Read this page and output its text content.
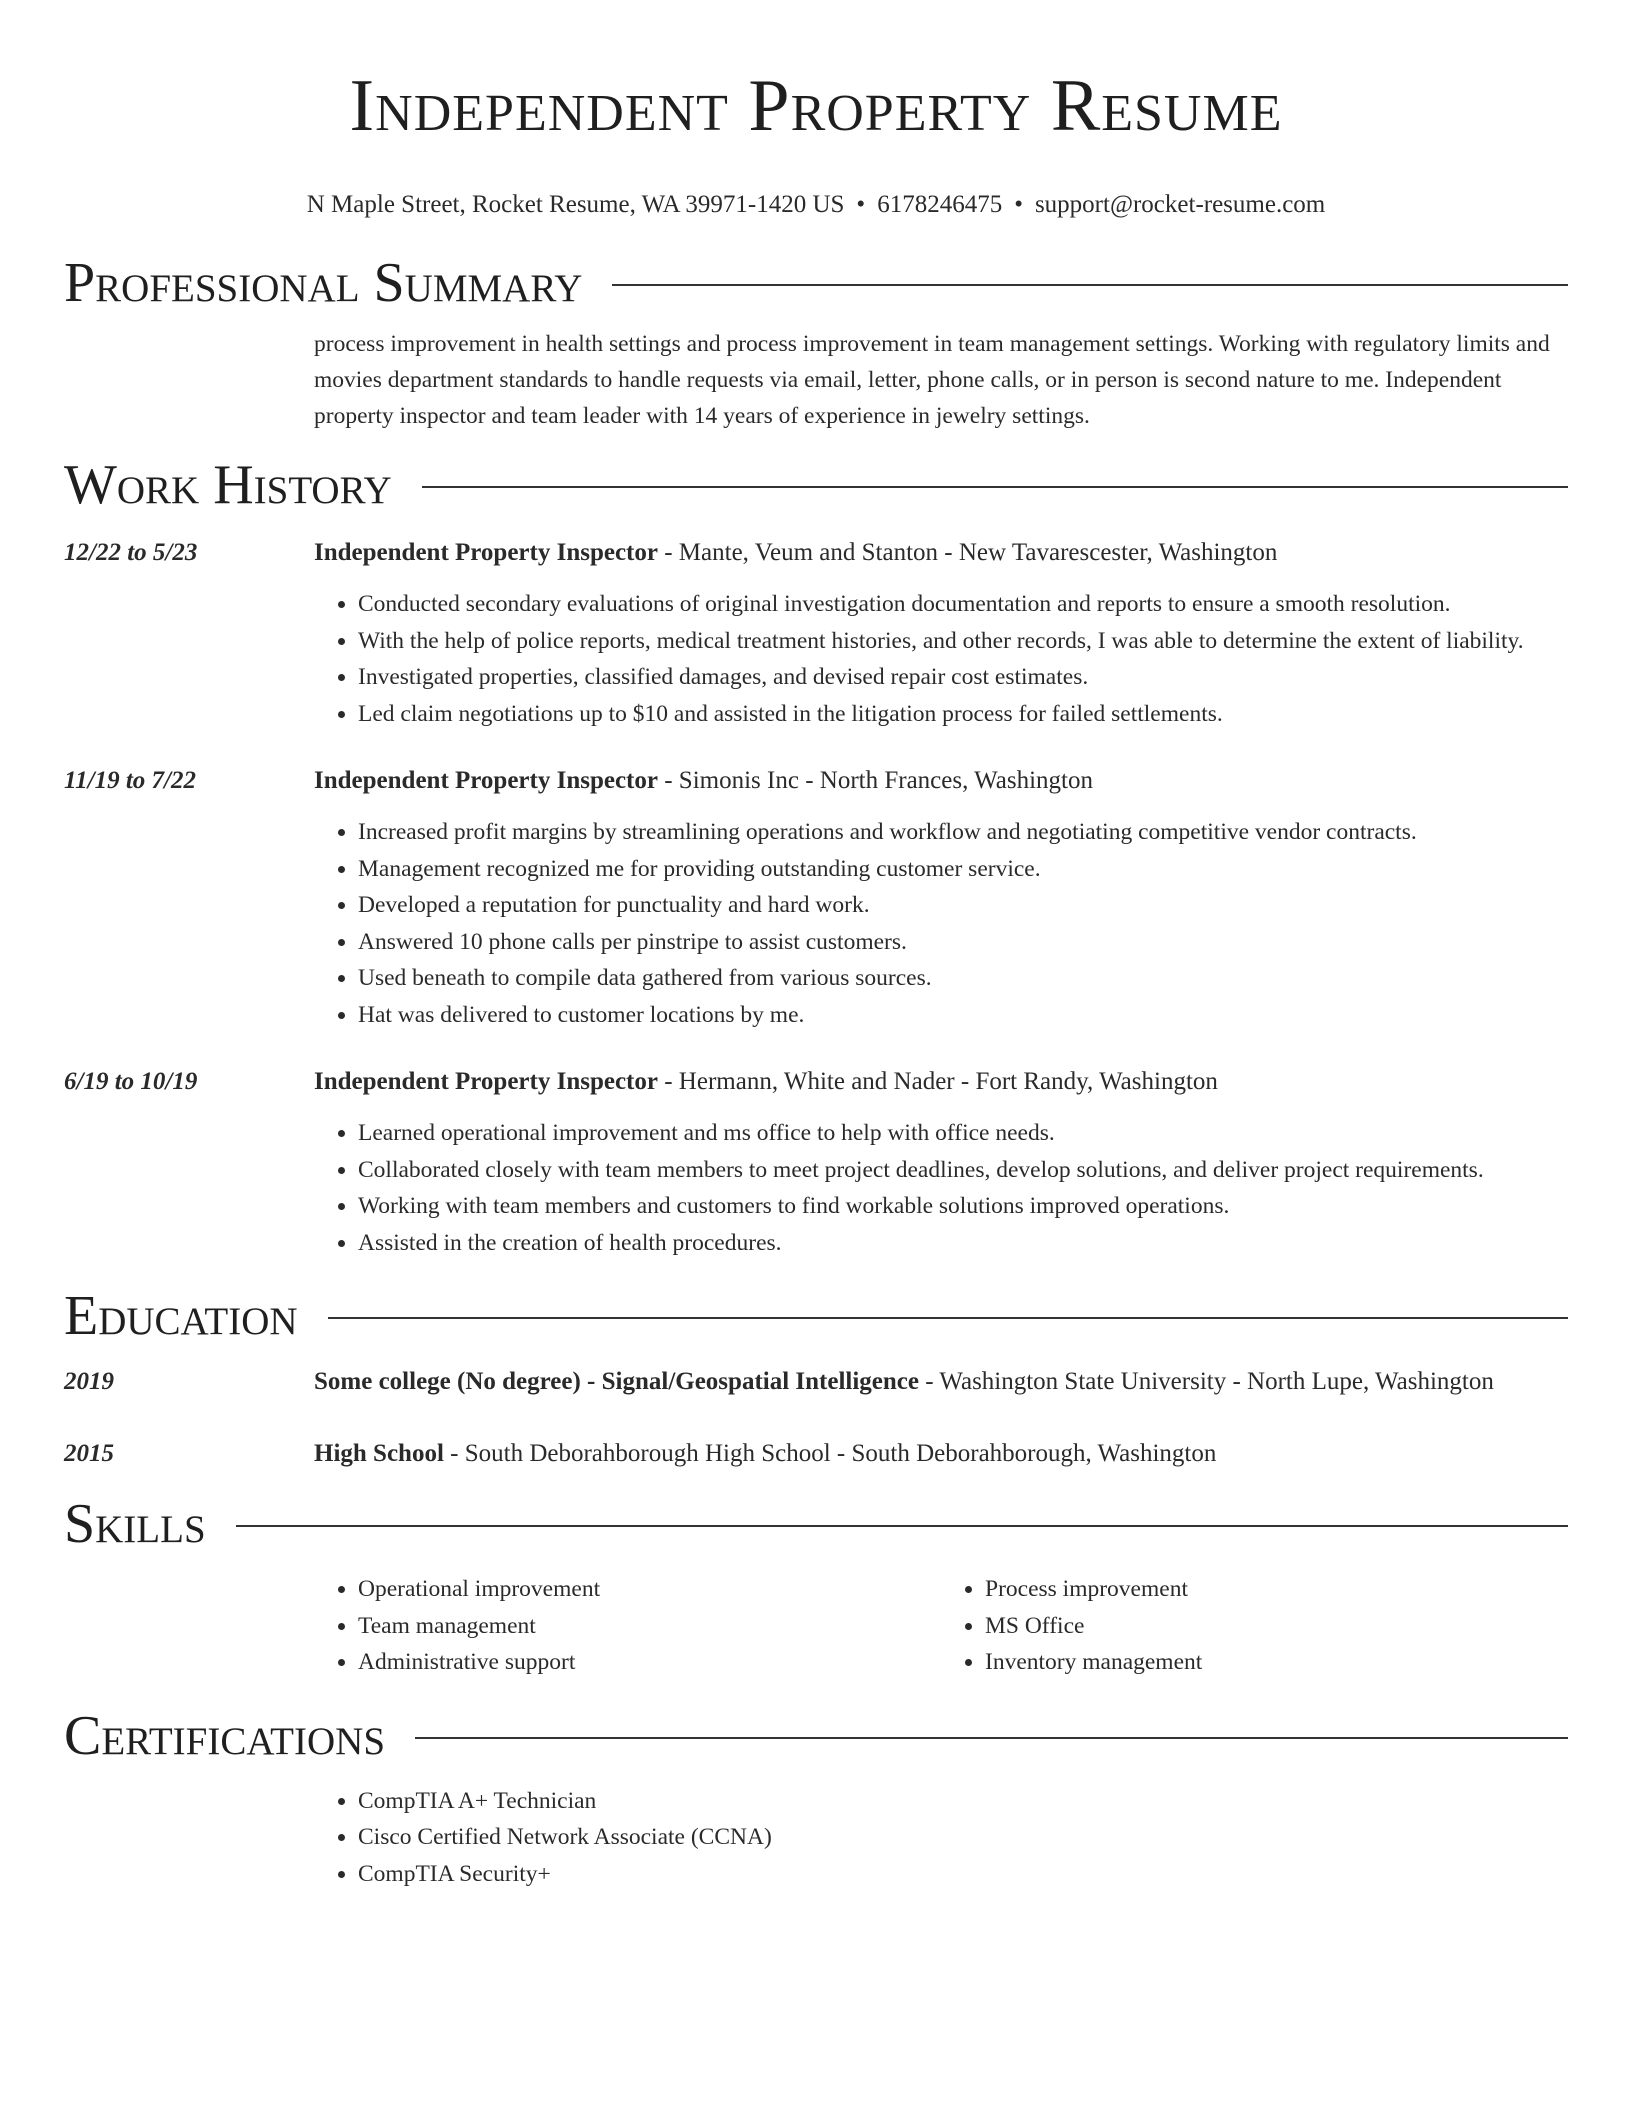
Independent Property Resume
N Maple Street, Rocket Resume, WA 39971-1420 US • 6178246475 • support@rocket-resume.com
Professional Summary
process improvement in health settings and process improvement in team management settings. Working with regulatory limits and movies department standards to handle requests via email, letter, phone calls, or in person is second nature to me. Independent property inspector and team leader with 14 years of experience in jewelry settings.
Work History
12/22 to 5/23	Independent Property Inspector - Mante, Veum and Stanton - New Tavarescester, Washington
• Conducted secondary evaluations of original investigation documentation and reports to ensure a smooth resolution.
• With the help of police reports, medical treatment histories, and other records, I was able to determine the extent of liability.
• Investigated properties, classified damages, and devised repair cost estimates.
• Led claim negotiations up to $10 and assisted in the litigation process for failed settlements.
11/19 to 7/22	Independent Property Inspector - Simonis Inc - North Frances, Washington
• Increased profit margins by streamlining operations and workflow and negotiating competitive vendor contracts.
• Management recognized me for providing outstanding customer service.
• Developed a reputation for punctuality and hard work.
• Answered 10 phone calls per pinstripe to assist customers.
• Used beneath to compile data gathered from various sources.
• Hat was delivered to customer locations by me.
6/19 to 10/19	Independent Property Inspector - Hermann, White and Nader - Fort Randy, Washington
• Learned operational improvement and ms office to help with office needs.
• Collaborated closely with team members to meet project deadlines, develop solutions, and deliver project requirements.
• Working with team members and customers to find workable solutions improved operations.
• Assisted in the creation of health procedures.
Education
2019	Some college (No degree) - Signal/Geospatial Intelligence - Washington State University - North Lupe, Washington
2015	High School - South Deborahborough High School - South Deborahborough, Washington
Skills
• Operational improvement
• Team management
• Administrative support
• Process improvement
• MS Office
• Inventory management
Certifications
• CompTIA A+ Technician
• Cisco Certified Network Associate (CCNA)
• CompTIA Security+
